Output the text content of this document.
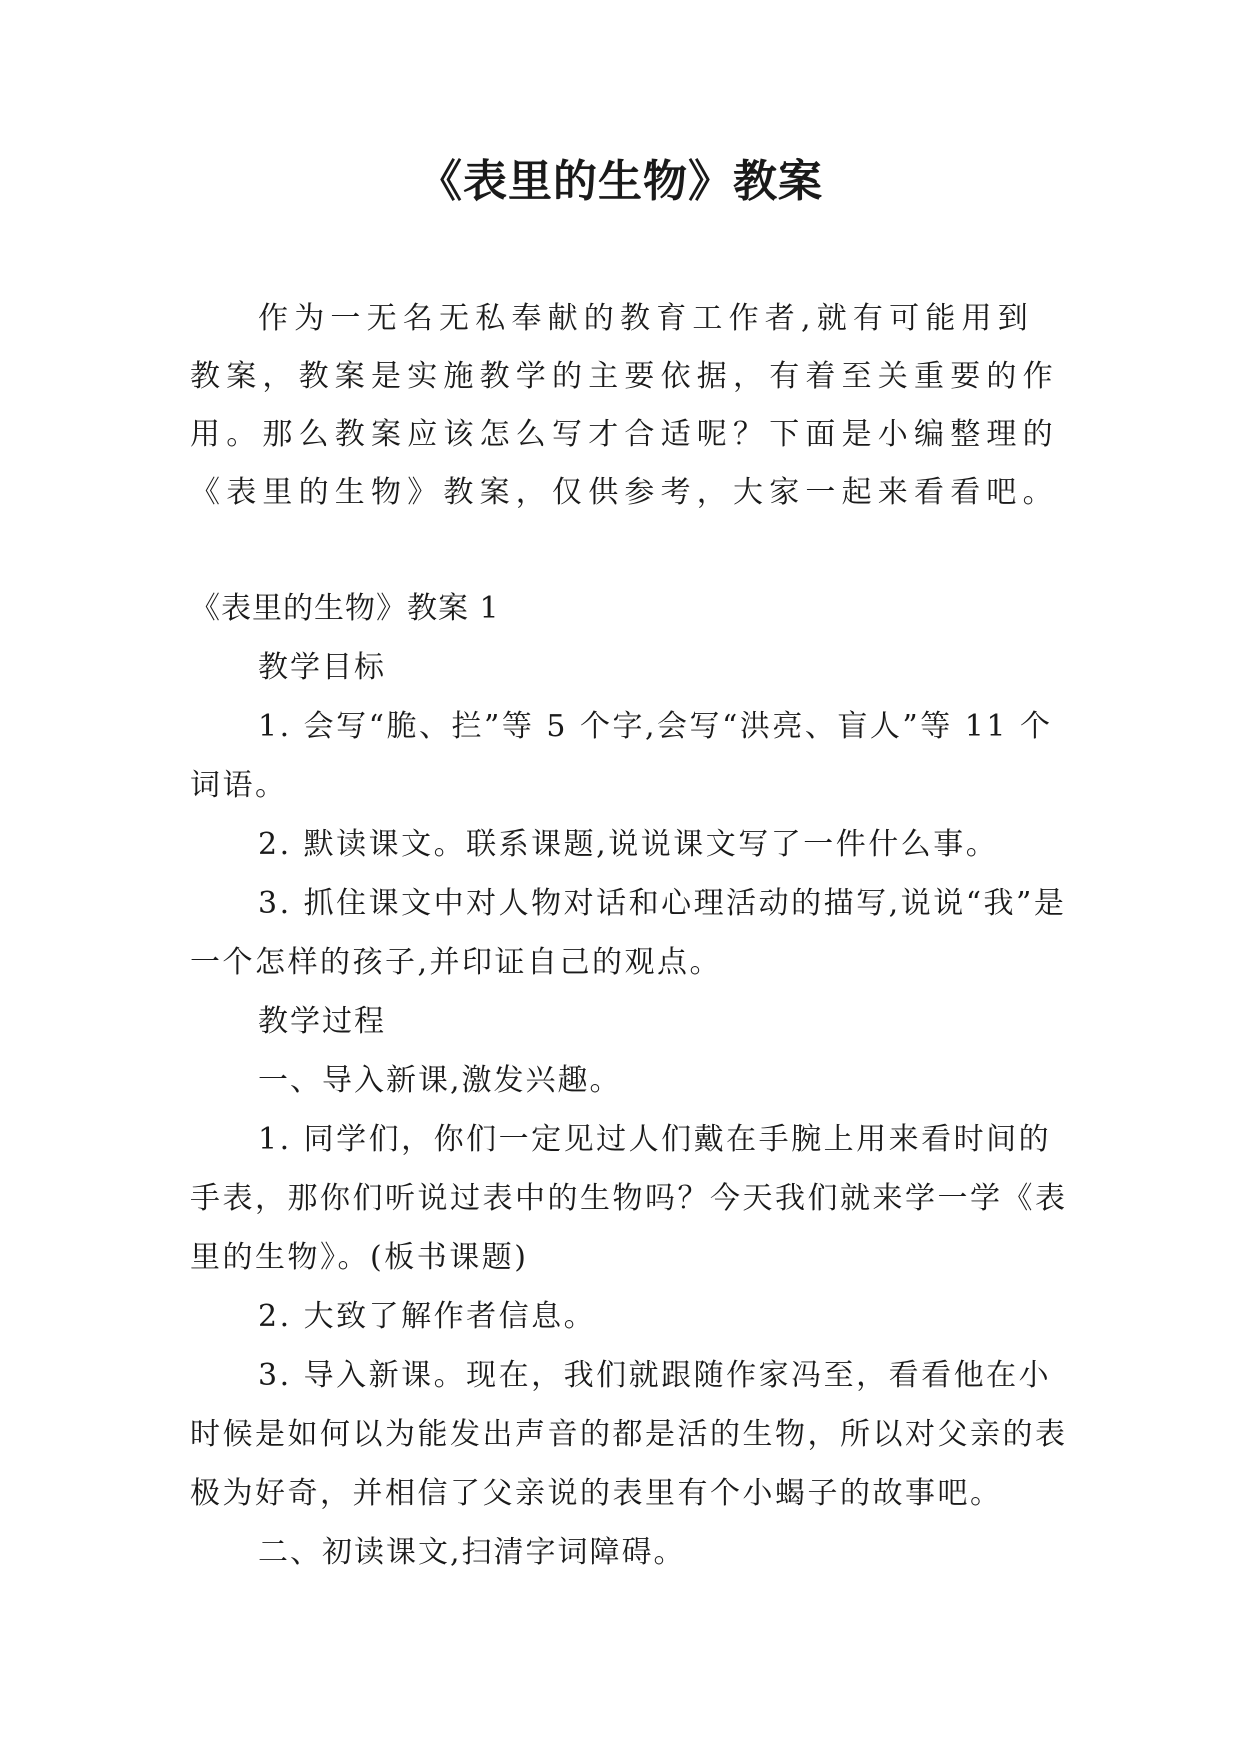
《表里的生物》教案

作为一无名无私奉献的教育工作者,就有可能用到教案，教案是实施教学的主要依据，有着至关重要的作用。那么教案应该怎么写才合适呢？下面是小编整理的《表里的生物》教案，仅供参考，大家一起来看看吧。

《表里的生物》教案 1

教学目标

1. 会写“脆、拦”等 5 个字,会写“洪亮、盲人”等 11 个词语。

2. 默读课文。联系课题,说说课文写了一件什么事。

3. 抓住课文中对人物对话和心理活动的描写,说说“我”是一个怎样的孩子,并印证自己的观点。

教学过程

一、导入新课,激发兴趣。

1. 同学们，你们一定见过人们戴在手腕上用来看时间的手表，那你们听说过表中的生物吗？今天我们就来学一学《表里的生物》。(板书课题)

2. 大致了解作者信息。

3. 导入新课。现在，我们就跟随作家冯至，看看他在小时候是如何以为能发出声音的都是活的生物，所以对父亲的表极为好奇，并相信了父亲说的表里有个小蝎子的故事吧。

二、初读课文,扫清字词障碍。
